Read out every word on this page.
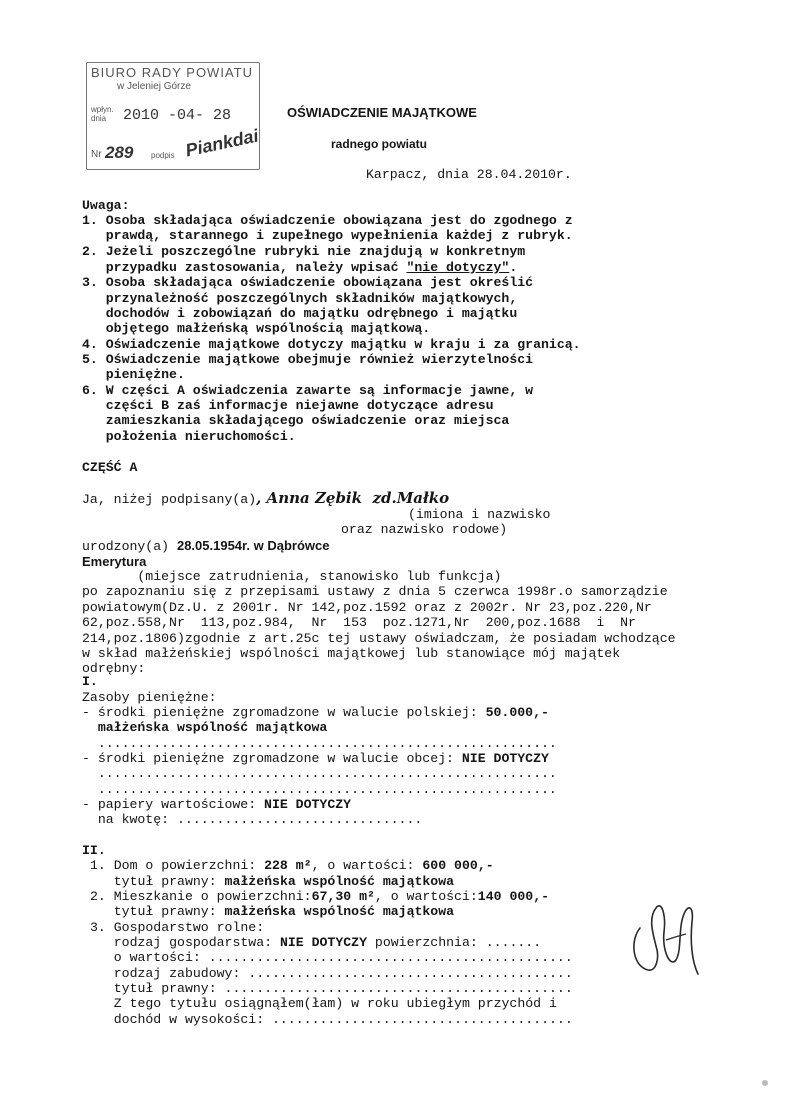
BIURO RADY POWIATU
w Jeleniej Górze
wpłyn. dnia	2010 -04- 28
Nr 289 podpis Piankdai
OŚWIADCZENIE MAJĄTKOWE
radnego powiatu
Karpacz, dnia 28.04.2010r.
Uwaga:
1. Osoba składająca oświadczenie obowiązana jest do zgodnego z
prawdą, starannego i zupełnego wypełnienia każdej z rubryk.
2. Jeżeli poszczególne rubryki nie znajdują w konkretnym
przypadku zastosowania, należy wpisać "nie dotyczy".
3. Osoba składająca oświadczenie obowiązana jest określić
przynależność poszczególnych składników majątkowych,
dochodów i zobowiązań do majątku odrębnego i majątku
objętego małżeńską wspólnością majątkową.
4. Oświadczenie majątkowe dotyczy majątku w kraju i za granicą.
5. Oświadczenie majątkowe obejmuje również wierzytelności
pieniężne.
6. W części A oświadczenia zawarte są informacje jawne, w
części B zaś informacje niejawne dotyczące adresu
zamieszkania składającego oświadczenie oraz miejsca
położenia nieruchomości.
CZĘŚĆ A
Ja, niżej podpisany(a), Anna Zębik  zd.Małko
(imiona i nazwisko
oraz nazwisko rodowe)
urodzony(a) 28.05.1954r. w Dąbrówce
Emerytura
(miejsce zatrudnienia, stanowisko lub funkcja)
po zapoznaniu się z przepisami ustawy z dnia 5 czerwca 1998r.o samorządzie
powiatowym(Dz.U. z 2001r. Nr 142,poz.1592 oraz z 2002r. Nr 23,poz.220,Nr
62,poz.558,Nr  113,poz.984,  Nr  153  poz.1271,Nr  200,poz.1688  i  Nr
214,poz.1806)zgodnie z art.25c tej ustawy oświadczam, że posiadam wchodzące
w skład małżeńskiej wspólności majątkowej lub stanowiące mój majątek
odrębny:
I.
Zasoby pieniężne:
- środki pieniężne zgromadzone w walucie polskiej: 50.000,-
małżeńska wspólność majątkowa
..........................................................
- środki pieniężne zgromadzone w walucie obcej: NIE DOTYCZY
..........................................................
..........................................................
- papiery wartościowe: NIE DOTYCZY
na kwotę: ...............................
II.
1. Dom o powierzchni: 228 m², o wartości: 600 000,-
tytuł prawny: małżeńska wspólność majątkowa
2. Mieszkanie o powierzchni:67,30 m², o wartości:140 000,-
tytuł prawny: małżeńska wspólność majątkowa
3. Gospodarstwo rolne:
rodzaj gospodarstwa: NIE DOTYCZY powierzchnia: .......
o wartości: ..............................................
rodzaj zabudowy: .........................................
tytuł prawny: ............................................
Z tego tytułu osiągnąłem(łam) w roku ubiegłym przychód i
dochód w wysokości: ......................................
